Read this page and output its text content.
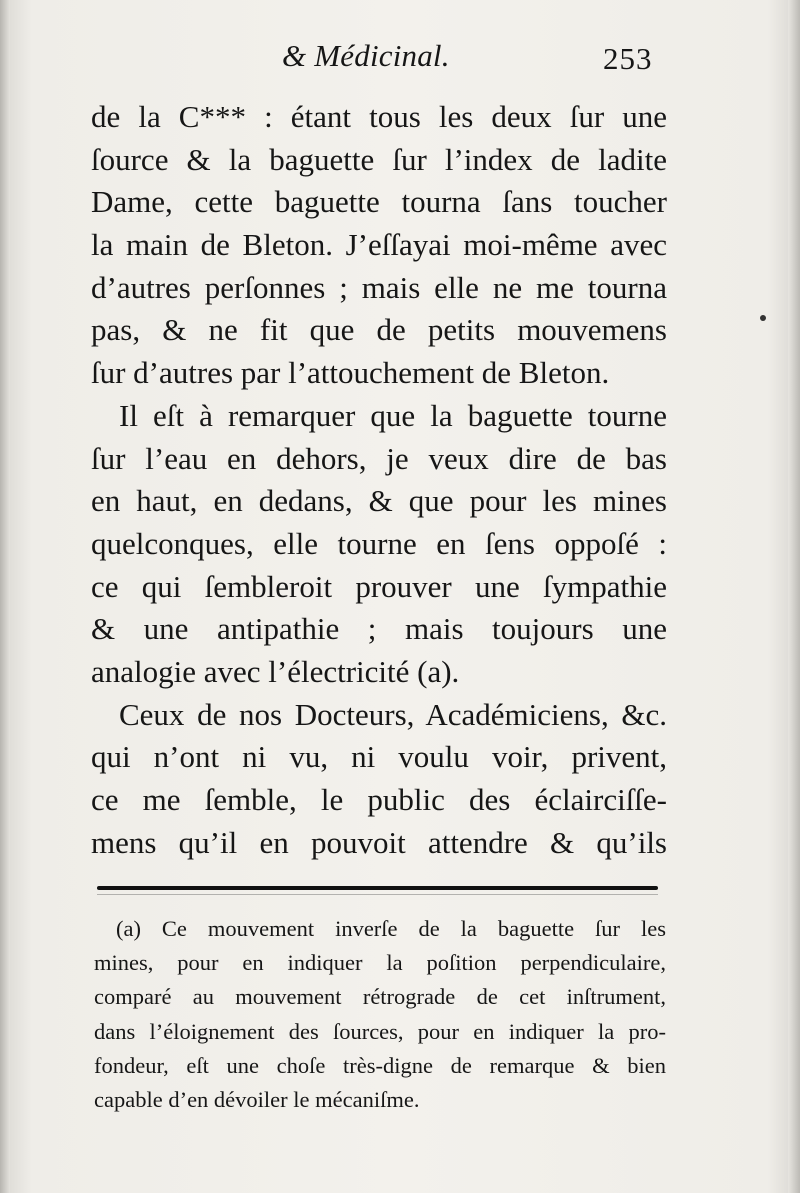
& Médicinal.	253
de la C*** : étant tous les deux ſur une
ſource & la baguette ſur l’index de ladite
Dame, cette baguette tourna ſans toucher
la main de Bleton. J’eſſayai moi-même avec
d’autres perſonnes ; mais elle ne me tourna
pas, & ne fit que de petits mouvemens
ſur d’autres par l’attouchement de Bleton.
Il eſt à remarquer que la baguette tourne
ſur l’eau en dehors, je veux dire de bas
en haut, en dedans, & que pour les mines
quelconques, elle tourne en ſens oppoſé :
ce qui ſembleroit prouver une ſympathie
& une antipathie ; mais toujours une
analogie avec l’électricité (a).
Ceux de nos Docteurs, Académiciens, &c.
qui n’ont ni vu, ni voulu voir, privent,
ce me ſemble, le public des éclairciſſe-
mens qu’il en pouvoit attendre & qu’ils
(a) Ce mouvement inverſe de la baguette ſur les
mines, pour en indiquer la poſition perpendiculaire,
comparé au mouvement rétrograde de cet inſtrument,
dans l’éloignement des ſources, pour en indiquer la pro-
fondeur, eſt une choſe très-digne de remarque & bien
capable d’en dévoiler le mécaniſme.
